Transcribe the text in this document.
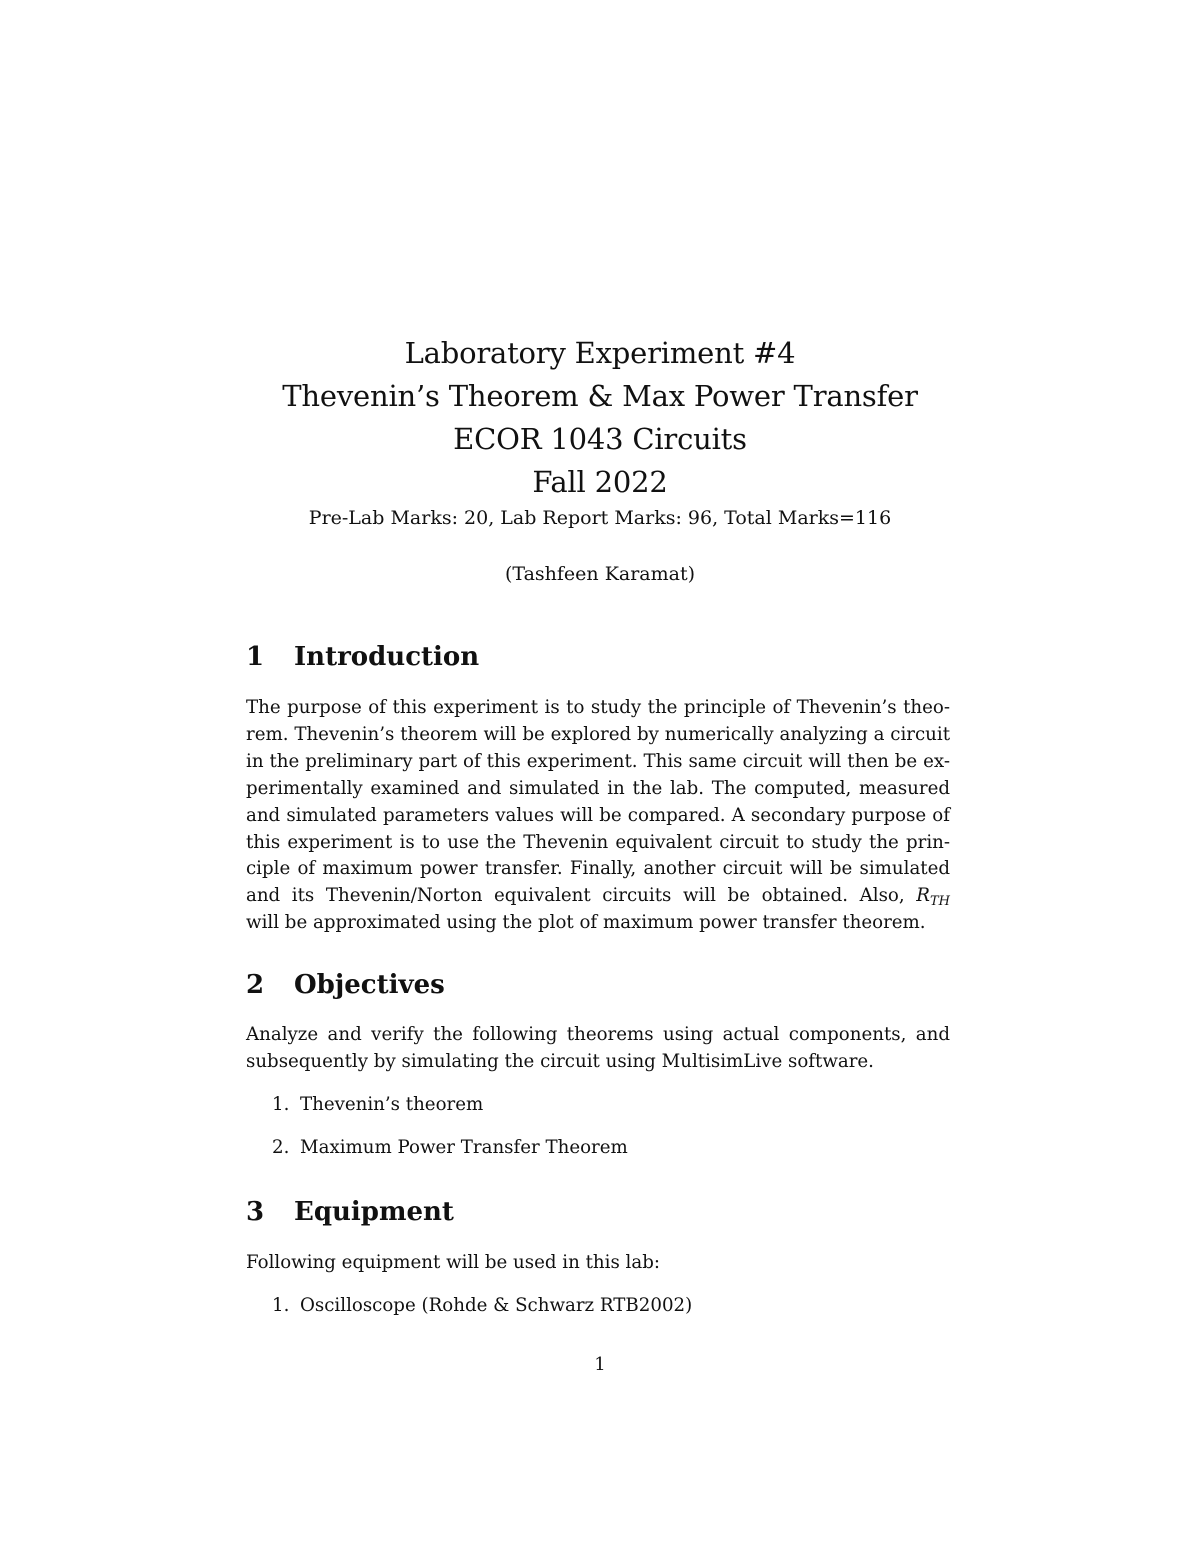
Laboratory Experiment #4
Thevenin’s Theorem & Max Power Transfer
ECOR 1043 Circuits
Fall 2022
Pre-Lab Marks: 20, Lab Report Marks: 96, Total Marks=116
(Tashfeen Karamat)
1 Introduction
The purpose of this experiment is to study the principle of Thevenin’s theo-
rem. Thevenin’s theorem will be explored by numerically analyzing a circuit
in the preliminary part of this experiment. This same circuit will then be ex-
perimentally examined and simulated in the lab. The computed, measured
and simulated parameters values will be compared. A secondary purpose of
this experiment is to use the Thevenin equivalent circuit to study the prin-
ciple of maximum power transfer. Finally, another circuit will be simulated
and its Thevenin/Norton equivalent circuits will be obtained. Also, $R_{TH}$
will be approximated using the plot of maximum power transfer theorem.
2 Objectives
Analyze and verify the following theorems using actual components, and
subsequently by simulating the circuit using MultisimLive software.
1. Thevenin’s theorem
2. Maximum Power Transfer Theorem
3 Equipment
Following equipment will be used in this lab:
1. Oscilloscope (Rohde & Schwarz RTB2002)
1
